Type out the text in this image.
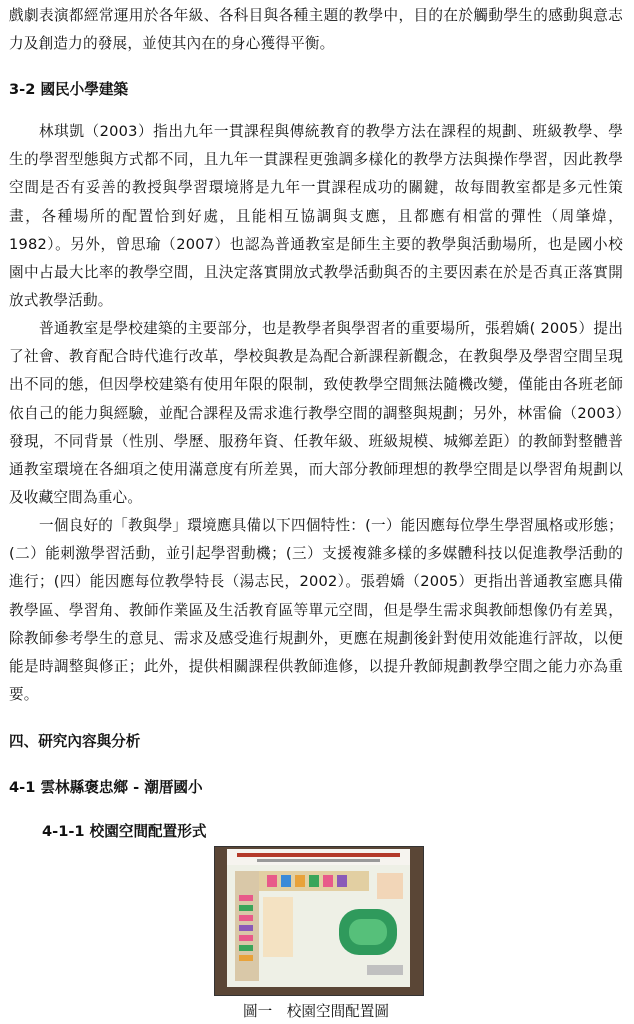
戲劇表演都經常運用於各年級、各科目與各種主題的教學中，目的在於觸動學生的感動與意志力及創造力的發展，並使其內在的身心獲得平衡。

3-2 國民小學建築

林琪凱（2003）指出九年一貫課程與傳統教育的教學方法在課程的規劃、班級教學、學生的學習型態與方式都不同，且九年一貫課程更強調多樣化的教學方法與操作學習，因此教學空間是否有妥善的教授與學習環境將是九年一貫課程成功的關鍵，故每間教室都是多元性策畫，各種場所的配置恰到好處，且能相互協調與支應，且都應有相當的彈性（周肇煒，1982）。另外，曾思瑜（2007）也認為普通教室是師生主要的教學與活動場所，也是國小校園中占最大比率的教學空間，且決定落實開放式教學活動與否的主要因素在於是否真正落實開放式教學活動。

普通教室是學校建築的主要部分，也是教學者與學習者的重要場所，張碧嬌( 2005）提出了社會、教育配合時代進行改革，學校與教是為配合新課程新觀念，在教與學及學習空間呈現出不同的態，但因學校建築有使用年限的限制，致使教學空間無法隨機改變，僅能由各班老師依自己的能力與經驗，並配合課程及需求進行教學空間的調整與規劃；另外，林雷倫（2003）發現，不同背景（性別、學歷、服務年資、任教年級、班級規模、城鄉差距）的教師對整體普通教室環境在各細項之使用滿意度有所差異，而大部分教師理想的教學空間是以學習角規劃以及收藏空間為重心。

一個良好的「教與學」環境應具備以下四個特性：(一）能因應每位學生學習風格或形態；(二）能刺激學習活動，並引起學習動機；(三）支援複雜多樣的多媒體科技以促進教學活動的進行；(四）能因應每位教學特長（湯志民，2002）。張碧嬌（2005）更指出普通教室應具備教學區、學習角、教師作業區及生活教育區等單元空間，但是學生需求與教師想像仍有差異，除教師參考學生的意見、需求及感受進行規劃外，更應在規劃後針對使用效能進行評故，以便能是時調整與修正；此外，提供相關課程供教師進修，以提升教師規劃教學空間之能力亦為重要。

四、研究內容與分析
4-1 雲林縣褒忠鄉 - 潮厝國小
4-1-1 校園空間配置形式
圖一　校園空間配置圖
